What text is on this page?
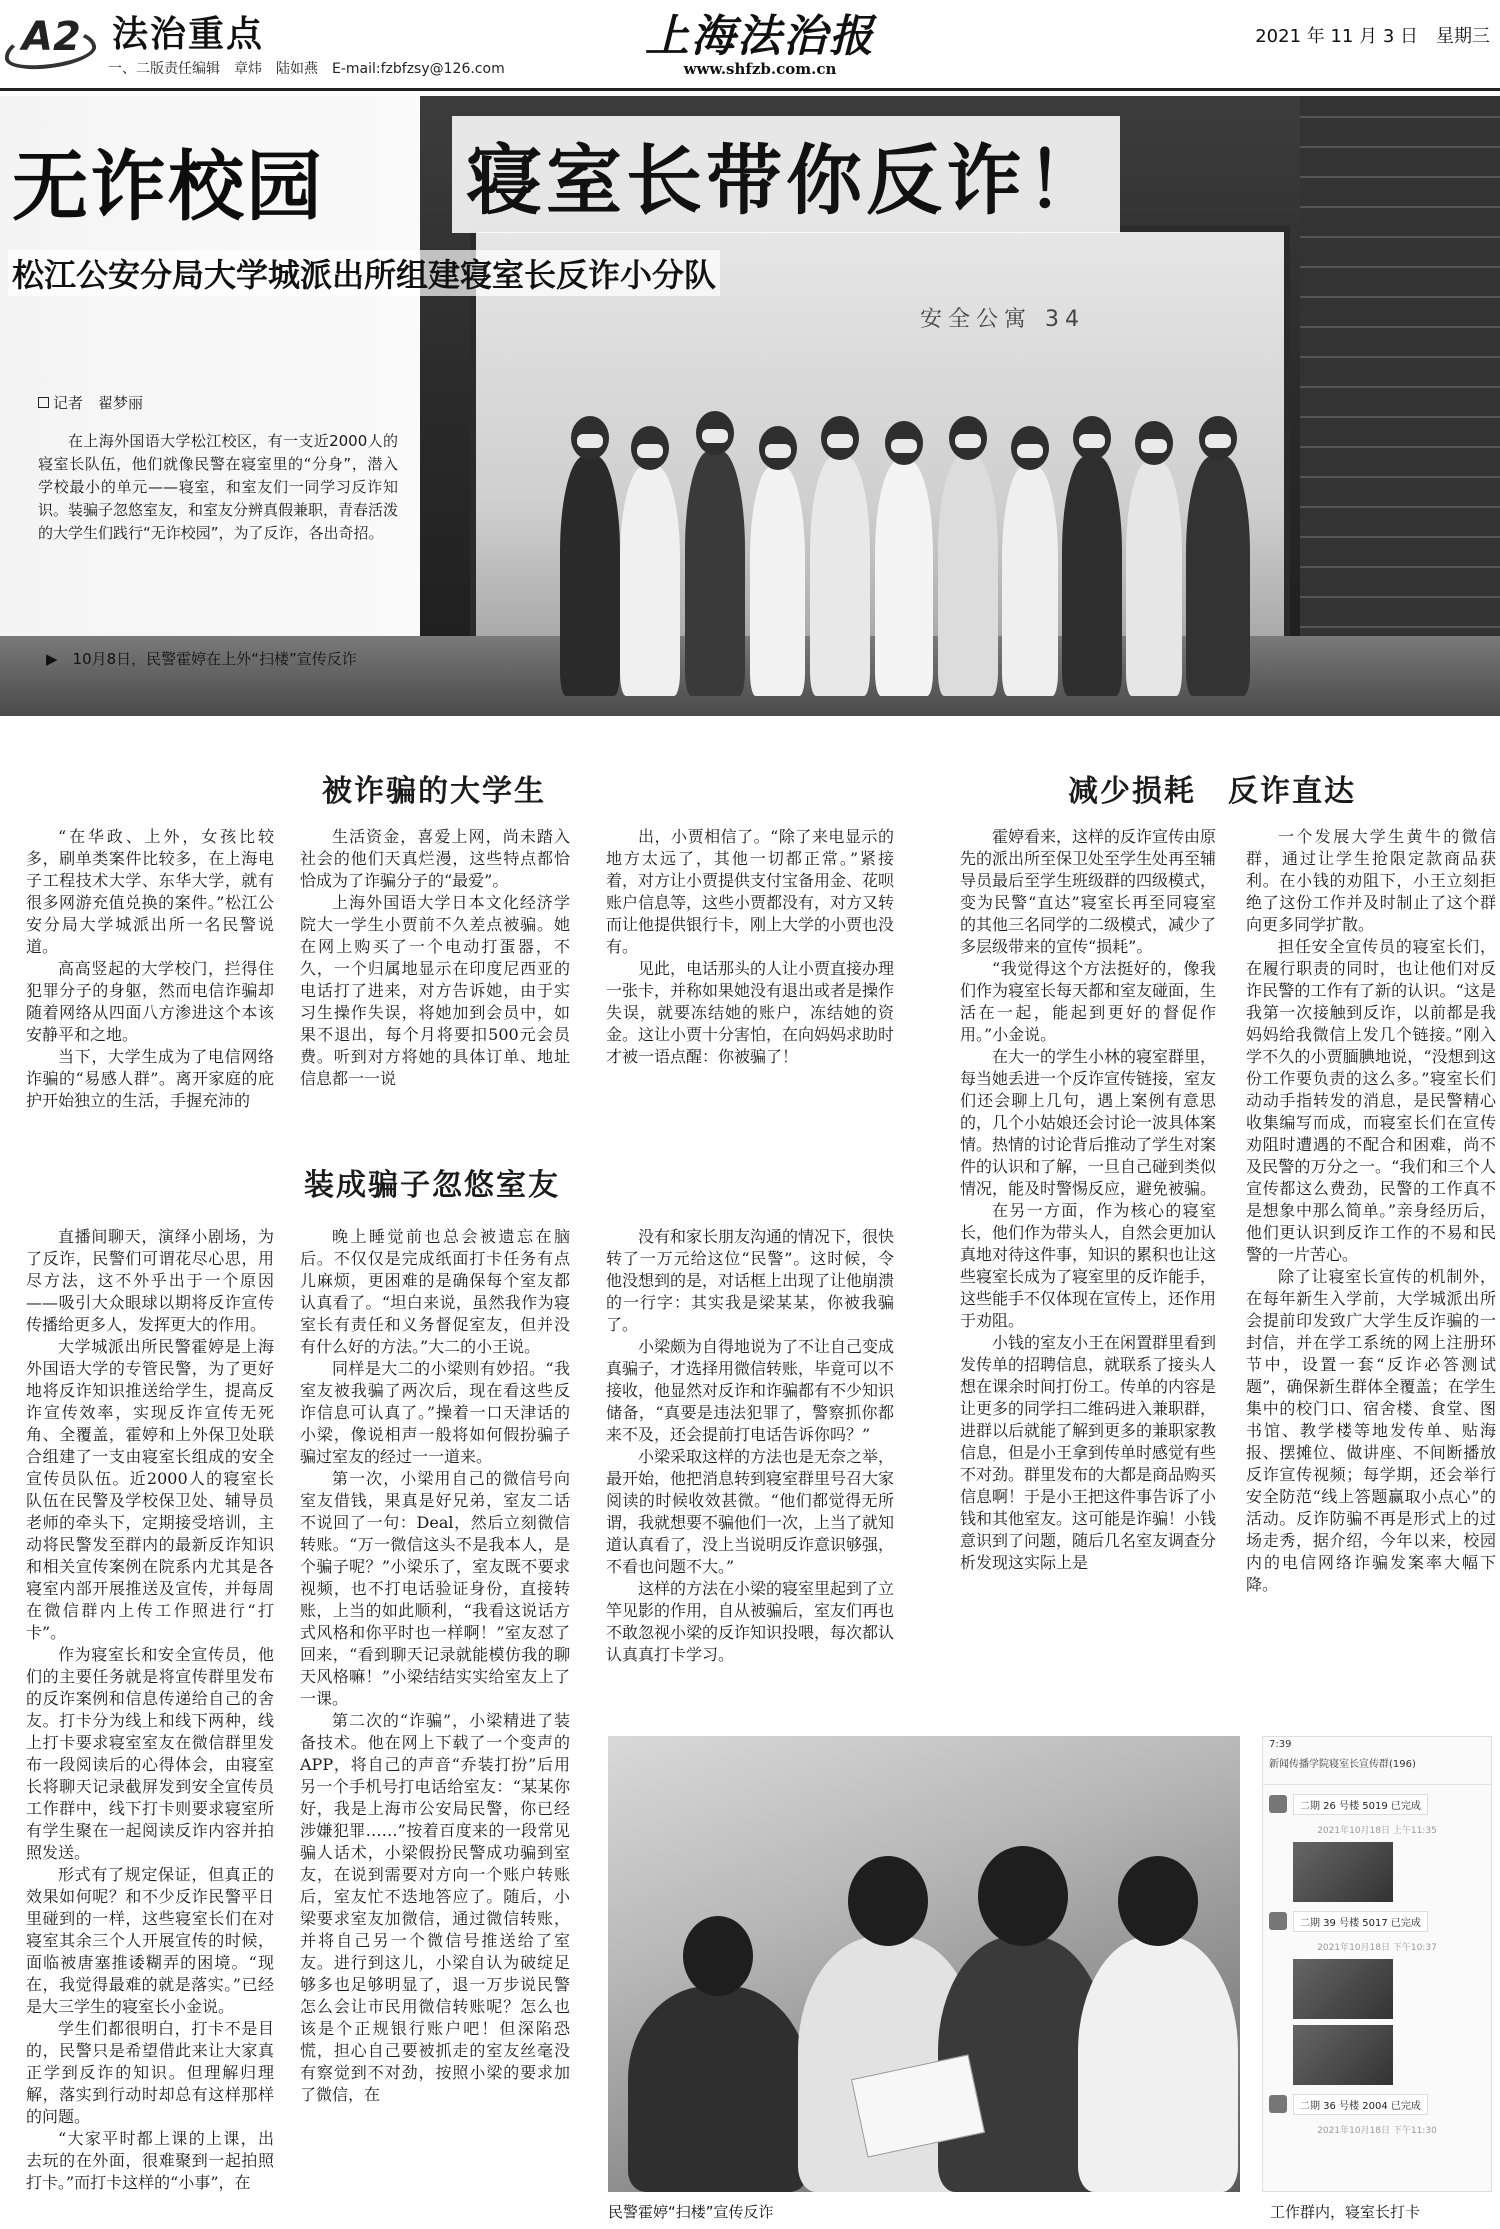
A2 法治重点
一、二版责任编辑　章炜　陆如燕　E-mail:fzbfzsy@126.com
上海法治报
www.shfzb.com.cn
2021 年 11 月 3 日　星期三
安全公寓 34
无诈校园 寝室长带你反诈！
松江公安分局大学城派出所组建寝室长反诈小分队
记者　翟梦丽

在上海外国语大学松江校区，有一支近2000人的寝室长队伍，他们就像民警在寝室里的“分身”，潜入学校最小的单元——寝室，和室友们一同学习反诈知识。装骗子忽悠室友，和室友分辨真假兼职，青春活泼的大学生们践行“无诈校园”，为了反诈，各出奇招。

▶　10月8日，民警霍婷在上外“扫楼”宣传反诈
被诈骗的大学生
装成骗子忽悠室友
减少损耗　反诈直达

“在华政、上外，女孩比较多，刷单类案件比较多，在上海电子工程技术大学、东华大学，就有很多网游充值兑换的案件。”松江公安分局大学城派出所一名民警说道。

高高竖起的大学校门，拦得住犯罪分子的身躯，然而电信诈骗却随着网络从四面八方渗进这个本该安静平和之地。

当下，大学生成为了电信网络诈骗的“易感人群”。离开家庭的庇护开始独立的生活，手握充沛的

生活资金，喜爱上网，尚未踏入社会的他们天真烂漫，这些特点都恰恰成为了诈骗分子的“最爱”。

上海外国语大学日本文化经济学院大一学生小贾前不久差点被骗。她在网上购买了一个电动打蛋器，不久，一个归属地显示在印度尼西亚的电话打了进来，对方告诉她，由于实习生操作失误，将她加到会员中，如果不退出，每个月将要扣500元会员费。听到对方将她的具体订单、地址信息都一一说

出，小贾相信了。“除了来电显示的地方太远了，其他一切都正常。”紧接着，对方让小贾提供支付宝备用金、花呗账户信息等，这些小贾都没有，对方又转而让他提供银行卡，刚上大学的小贾也没有。

见此，电话那头的人让小贾直接办理一张卡，并称如果她没有退出或者是操作失误，就要冻结她的账户，冻结她的资金。这让小贾十分害怕，在向妈妈求助时才被一语点醒：你被骗了！

直播间聊天，演绎小剧场，为了反诈，民警们可谓花尽心思，用尽方法，这不外乎出于一个原因——吸引大众眼球以期将反诈宣传传播给更多人，发挥更大的作用。

大学城派出所民警霍婷是上海外国语大学的专管民警，为了更好地将反诈知识推送给学生，提高反诈宣传效率，实现反诈宣传无死角、全覆盖，霍婷和上外保卫处联合组建了一支由寝室长组成的安全宣传员队伍。近2000人的寝室长队伍在民警及学校保卫处、辅导员老师的牵头下，定期接受培训，主动将民警发至群内的最新反诈知识和相关宣传案例在院系内尤其是各寝室内部开展推送及宣传，并每周在微信群内上传工作照进行“打卡”。

作为寝室长和安全宣传员，他们的主要任务就是将宣传群里发布的反诈案例和信息传递给自己的舍友。打卡分为线上和线下两种，线上打卡要求寝室室友在微信群里发布一段阅读后的心得体会，由寝室长将聊天记录截屏发到安全宣传员工作群中，线下打卡则要求寝室所有学生聚在一起阅读反诈内容并拍照发送。

形式有了规定保证，但真正的效果如何呢？和不少反诈民警平日里碰到的一样，这些寝室长们在对寝室其余三个人开展宣传的时候，面临被唐塞推诿糊弄的困境。“现在，我觉得最难的就是落实。”已经是大三学生的寝室长小金说。

学生们都很明白，打卡不是目的，民警只是希望借此来让大家真正学到反诈的知识。但理解归理解，落实到行动时却总有这样那样的问题。

“大家平时都上课的上课，出去玩的在外面，很难聚到一起拍照打卡。”而打卡这样的“小事”，在

晚上睡觉前也总会被遗忘在脑后。不仅仅是完成纸面打卡任务有点儿麻烦，更困难的是确保每个室友都认真看了。“坦白来说，虽然我作为寝室长有责任和义务督促室友，但并没有什么好的方法。”大二的小王说。

同样是大二的小梁则有妙招。“我室友被我骗了两次后，现在看这些反诈信息可认真了。”操着一口天津话的小梁，像说相声一般将如何假扮骗子骗过室友的经过一一道来。

第一次，小梁用自己的微信号向室友借钱，果真是好兄弟，室友二话不说回了一句：Deal，然后立刻微信转账。“万一微信这头不是我本人，是个骗子呢？”小梁乐了，室友既不要求视频，也不打电话验证身份，直接转账，上当的如此顺利，“我看这说话方式风格和你平时也一样啊！”室友怼了回来，“看到聊天记录就能模仿我的聊天风格嘛！”小梁结结实实给室友上了一课。

第二次的“诈骗”，小梁精进了装备技术。他在网上下载了一个变声的APP，将自己的声音“乔装打扮”后用另一个手机号打电话给室友：“某某你好，我是上海市公安局民警，你已经涉嫌犯罪……”按着百度来的一段常见骗人话术，小梁假扮民警成功骗到室友，在说到需要对方向一个账户转账后，室友忙不迭地答应了。随后，小梁要求室友加微信，通过微信转账，并将自己另一个微信号推送给了室友。进行到这儿，小梁自认为破绽足够多也足够明显了，退一万步说民警怎么会让市民用微信转账呢？怎么也该是个正规银行账户吧！但深陷恐慌，担心自己要被抓走的室友丝毫没有察觉到不对劲，按照小梁的要求加了微信，在

没有和家长朋友沟通的情况下，很快转了一万元给这位“民警”。这时候，令他没想到的是，对话框上出现了让他崩溃的一行字：其实我是梁某某，你被我骗了。

小梁颇为自得地说为了不让自己变成真骗子，才选择用微信转账，毕竟可以不接收，他显然对反诈和诈骗都有不少知识储备，“真要是违法犯罪了，警察抓你都来不及，还会提前打电话告诉你吗？”

小梁采取这样的方法也是无奈之举，最开始，他把消息转到寝室群里号召大家阅读的时候收效甚微。“他们都觉得无所谓，我就想要不骗他们一次，上当了就知道认真看了，没上当说明反诈意识够强，不看也问题不大。”

这样的方法在小梁的寝室里起到了立竿见影的作用，自从被骗后，室友们再也不敢忽视小梁的反诈知识投喂，每次都认认真真打卡学习。

霍婷看来，这样的反诈宣传由原先的派出所至保卫处至学生处再至辅导员最后至学生班级群的四级模式，变为民警“直达”寝室长再至同寝室的其他三名同学的二级模式，减少了多层级带来的宣传“损耗”。

“我觉得这个方法挺好的，像我们作为寝室长每天都和室友碰面，生活在一起，能起到更好的督促作用。”小金说。

在大一的学生小林的寝室群里，每当她丢进一个反诈宣传链接，室友们还会聊上几句，遇上案例有意思的，几个小姑娘还会讨论一波具体案情。热情的讨论背后推动了学生对案件的认识和了解，一旦自己碰到类似情况，能及时警惕反应，避免被骗。

在另一方面，作为核心的寝室长，他们作为带头人，自然会更加认真地对待这件事，知识的累积也让这些寝室长成为了寝室里的反诈能手，这些能手不仅体现在宣传上，还作用于劝阻。

小钱的室友小王在闲置群里看到发传单的招聘信息，就联系了接头人想在课余时间打份工。传单的内容是让更多的同学扫二维码进入兼职群，进群以后就能了解到更多的兼职家教信息，但是小王拿到传单时感觉有些不对劲。群里发布的大都是商品购买信息啊！于是小王把这件事告诉了小钱和其他室友。这可能是诈骗！小钱意识到了问题，随后几名室友调查分析发现这实际上是

一个发展大学生黄牛的微信群，通过让学生抢限定款商品获利。在小钱的劝阻下，小王立刻拒绝了这份工作并及时制止了这个群向更多同学扩散。

担任安全宣传员的寝室长们，在履行职责的同时，也让他们对反诈民警的工作有了新的认识。“这是我第一次接触到反诈，以前都是我妈妈给我微信上发几个链接。”刚入学不久的小贾腼腆地说，“没想到这份工作要负责的这么多。”寝室长们动动手指转发的消息，是民警精心收集编写而成，而寝室长们在宣传劝阻时遭遇的不配合和困难，尚不及民警的万分之一。“我们和三个人宣传都这么费劲，民警的工作真不是想象中那么简单。”亲身经历后，他们更认识到反诈工作的不易和民警的一片苦心。

除了让寝室长宣传的机制外，在每年新生入学前，大学城派出所会提前印发致广大学生反诈骗的一封信，并在学工系统的网上注册环节中，设置一套“反诈必答测试题”，确保新生群体全覆盖；在学生集中的校门口、宿舍楼、食堂、图书馆、教学楼等地发传单、贴海报、摆摊位、做讲座、不间断播放反诈宣传视频；每学期，还会举行安全防范“线上答题赢取小点心”的活动。反诈防骗不再是形式上的过场走秀，据介绍，今年以来，校园内的电信网络诈骗发案率大幅下降。

民警霍婷“扫楼”宣传反诈
7:39
新闻传播学院寝室长宣传群(196)
二期 26 号楼 5019 已完成
2021年10月18日 上午11:35
二期 39 号楼 5017 已完成
2021年10月18日 下午10:37
二期 36 号楼 2004 已完成
2021年10月18日 下午11:30
工作群内，寝室长打卡
